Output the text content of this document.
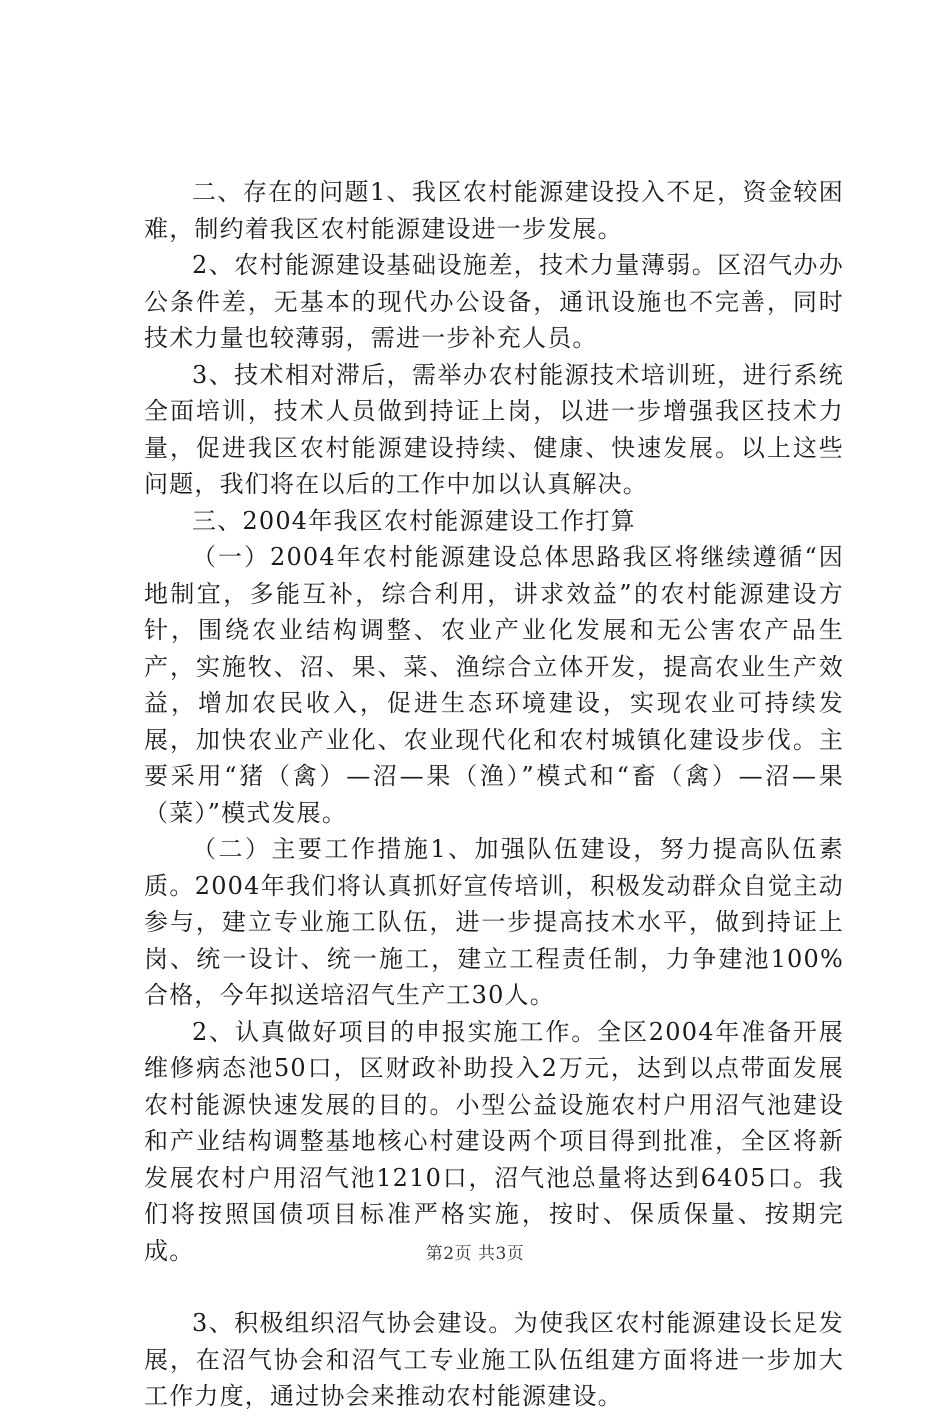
二、存在的问题1、我区农村能源建设投入不足，资金较困难，制约着我区农村能源建设进一步发展。

2、农村能源建设基础设施差，技术力量薄弱。区沼气办办公条件差，无基本的现代办公设备，通讯设施也不完善，同时技术力量也较薄弱，需进一步补充人员。

3、技术相对滞后，需举办农村能源技术培训班，进行系统全面培训，技术人员做到持证上岗，以进一步增强我区技术力量，促进我区农村能源建设持续、健康、快速发展。以上这些问题，我们将在以后的工作中加以认真解决。

三、2004年我区农村能源建设工作打算

（一）2004年农村能源建设总体思路我区将继续遵循“因地制宜，多能互补，综合利用，讲求效益”的农村能源建设方针，围绕农业结构调整、农业产业化发展和无公害农产品生产，实施牧、沼、果、菜、渔综合立体开发，提高农业生产效益，增加农民收入，促进生态环境建设，实现农业可持续发展，加快农业产业化、农业现代化和农村城镇化建设步伐。主要采用“猪（禽）—沼—果（渔）”模式和“畜（禽）—沼—果（菜）”模式发展。

（二）主要工作措施1、加强队伍建设，努力提高队伍素质。2004年我们将认真抓好宣传培训，积极发动群众自觉主动参与，建立专业施工队伍，进一步提高技术水平，做到持证上岗、统一设计、统一施工，建立工程责任制，力争建池100%合格，今年拟送培沼气生产工30人。

2、认真做好项目的申报实施工作。全区2004年准备开展维修病态池50口，区财政补助投入2万元，达到以点带面发展农村能源快速发展的目的。小型公益设施农村户用沼气池建设和产业结构调整基地核心村建设两个项目得到批准，全区将新发展农村户用沼气池1210口，沼气池总量将达到6405口。我们将按照国债项目标准严格实施，按时、保质保量、按期完成。

3、积极组织沼气协会建设。为使我区农村能源建设长足发展，在沼气协会和沼气工专业施工队伍组建方面将进一步加大工作力度，通过协会来推动农村能源建设。

第2页 共3页
